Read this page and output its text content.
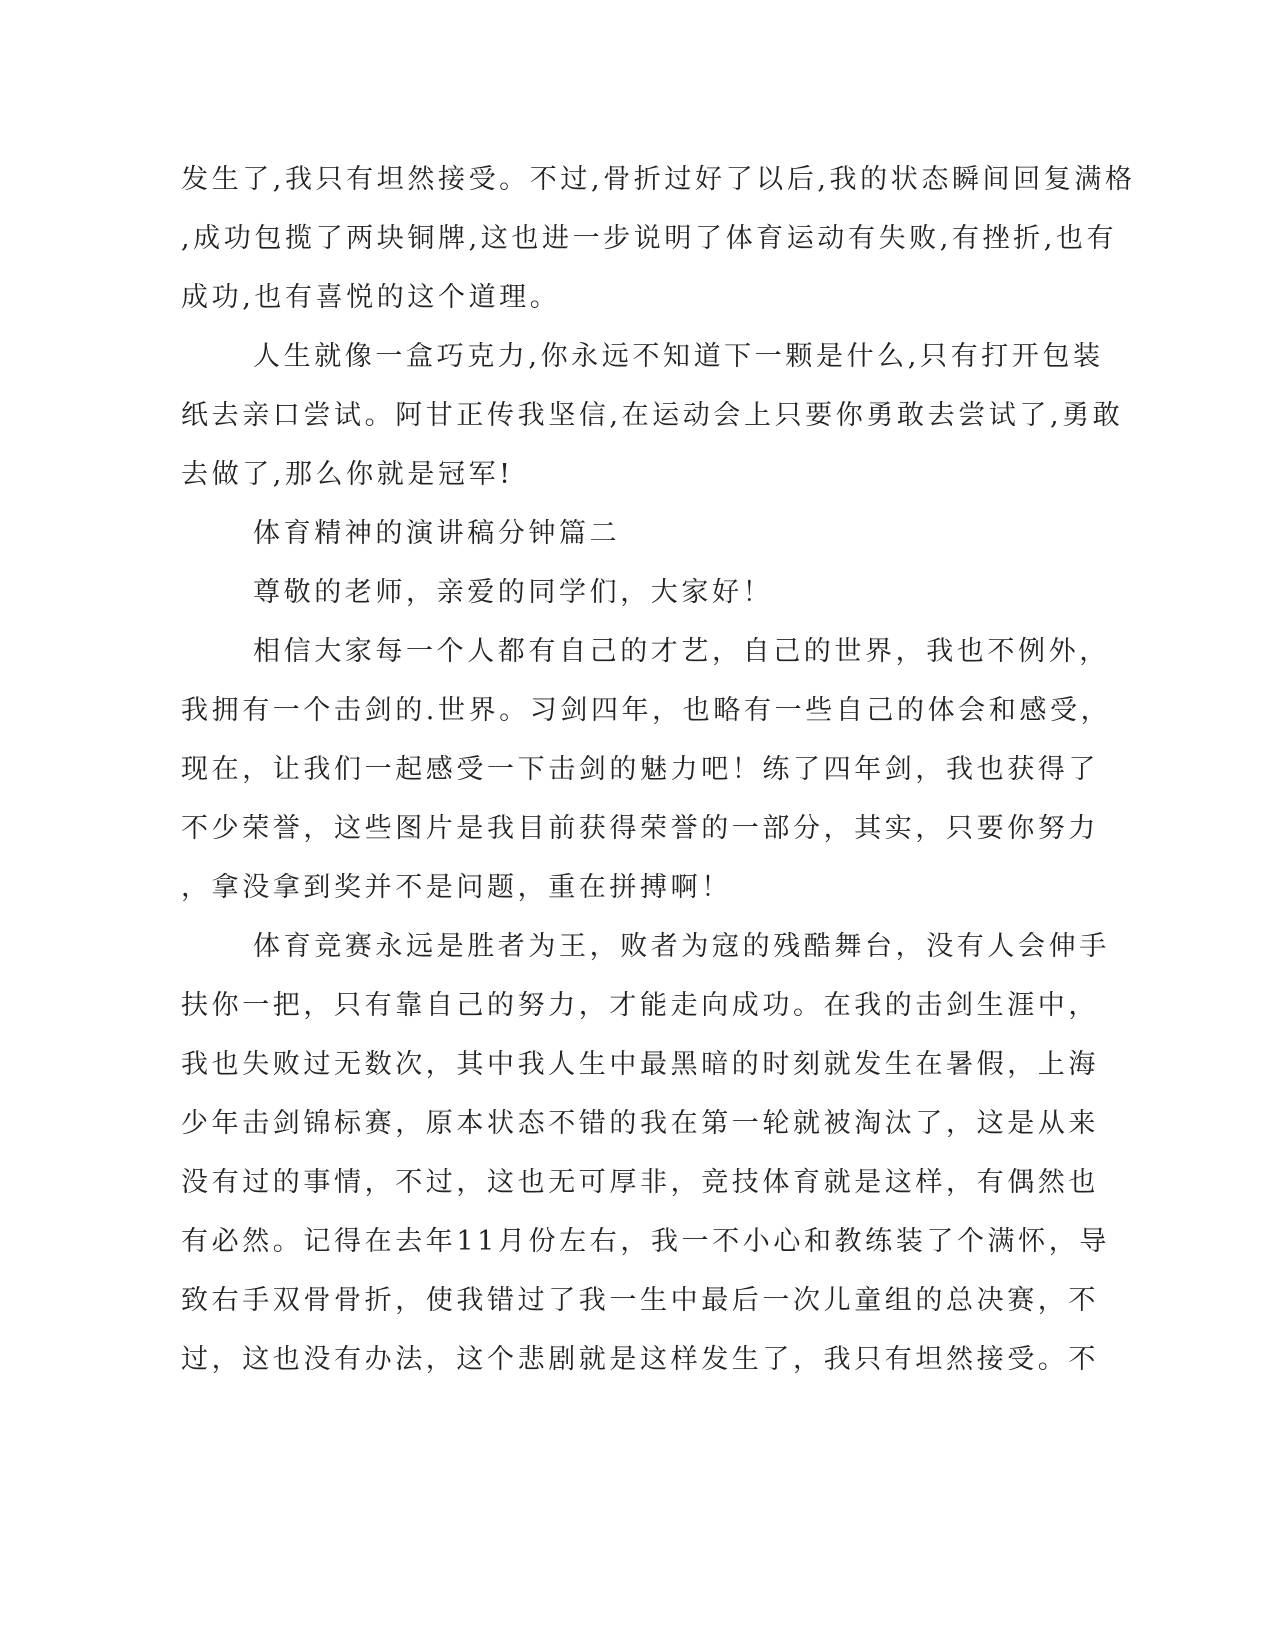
发生了,我只有坦然接受。不过,骨折过好了以后,我的状态瞬间回复满格
,成功包揽了两块铜牌,这也进一步说明了体育运动有失败,有挫折,也有
成功,也有喜悦的这个道理。
人生就像一盒巧克力,你永远不知道下一颗是什么,只有打开包装
纸去亲口尝试。阿甘正传我坚信,在运动会上只要你勇敢去尝试了,勇敢
去做了,那么你就是冠军!
体育精神的演讲稿分钟篇二
尊敬的老师，亲爱的同学们，大家好！
相信大家每一个人都有自己的才艺，自己的世界，我也不例外，
我拥有一个击剑的.世界。习剑四年，也略有一些自己的体会和感受，
现在，让我们一起感受一下击剑的魅力吧！练了四年剑，我也获得了
不少荣誉，这些图片是我目前获得荣誉的一部分，其实，只要你努力
，拿没拿到奖并不是问题，重在拼搏啊！
体育竞赛永远是胜者为王，败者为寇的残酷舞台，没有人会伸手
扶你一把，只有靠自己的努力，才能走向成功。在我的击剑生涯中，
我也失败过无数次，其中我人生中最黑暗的时刻就发生在暑假，上海
少年击剑锦标赛，原本状态不错的我在第一轮就被淘汰了，这是从来
没有过的事情，不过，这也无可厚非，竞技体育就是这样，有偶然也
有必然。记得在去年11月份左右，我一不小心和教练装了个满怀，导
致右手双骨骨折，使我错过了我一生中最后一次儿童组的总决赛，不
过，这也没有办法，这个悲剧就是这样发生了，我只有坦然接受。不
